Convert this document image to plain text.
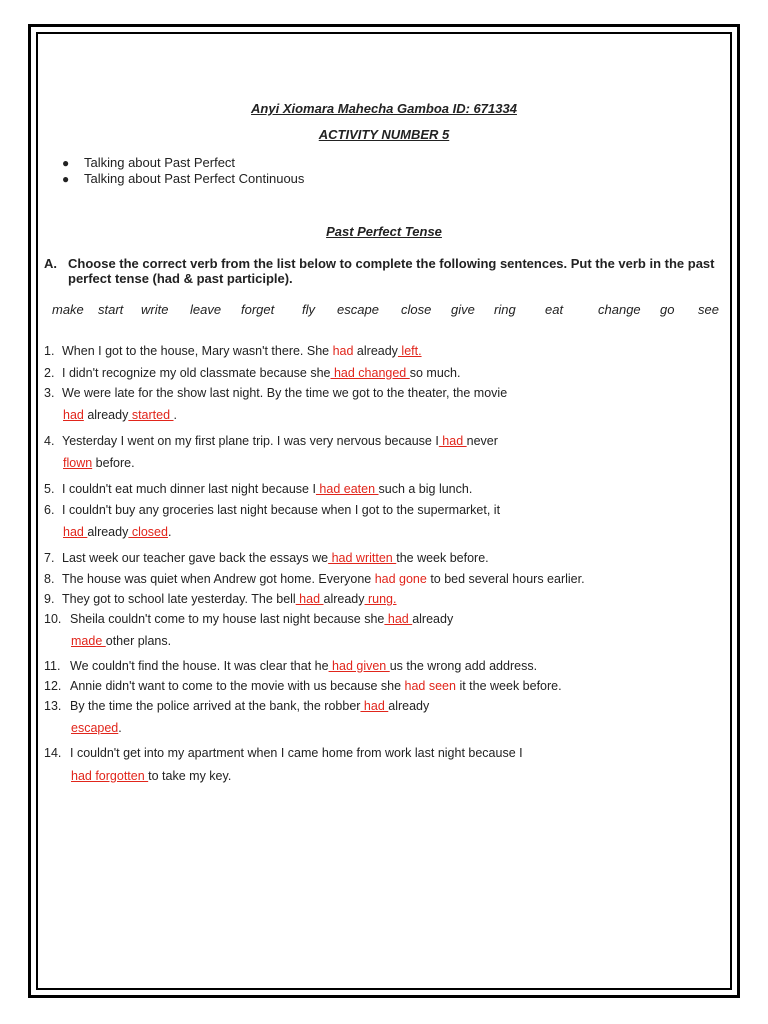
Anyi Xiomara Mahecha Gamboa ID: 671334
ACTIVITY NUMBER 5
● Talking about Past Perfect
● Talking about Past Perfect Continuous
Past Perfect Tense
A. Choose the correct verb from the list below to complete the following sentences. Put the verb in the past perfect tense (had & past participle).
make start write leave forget fly escape close give ring eat	change go see
1. When I got to the house, Mary wasn't there. She had already left.
2. I didn't recognize my old classmate because she had changed so much.
3. We were late for the show last night. By the time we got to the theater, the movie
had already started .
4. Yesterday I went on my first plane trip. I was very nervous because I had never
flown before.
5. I couldn't eat much dinner last night because I had eaten such a big lunch.
6. I couldn't buy any groceries last night because when I got to the supermarket, it
had already closed.
7. Last week our teacher gave back the essays we had written the week before.
8. The house was quiet when Andrew got home. Everyone had gone to bed several hours earlier.
9. They got to school late yesterday. The bell had already rung.
10. Sheila couldn't come to my house last night because she had already
made other plans.
11. We couldn't find the house. It was clear that he had given us the wrong add address.
12. Annie didn't want to come to the movie with us because she had seen it the week before.
13. By the time the police arrived at the bank, the robber had already
escaped.
14. I couldn't get into my apartment when I came home from work last night because I
had forgotten to take my key.
